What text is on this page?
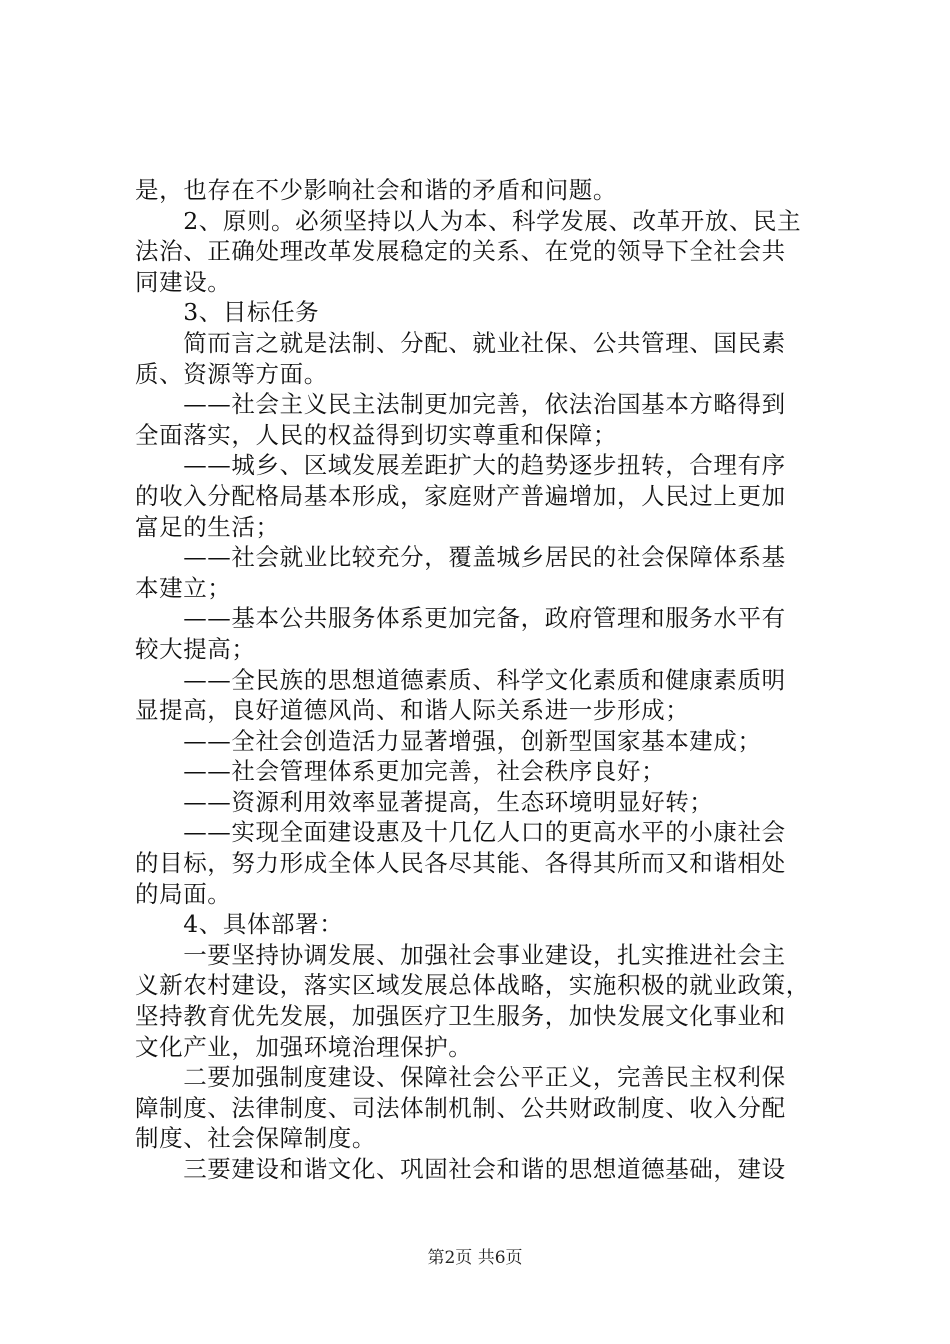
是，也存在不少影响社会和谐的矛盾和问题。
　　2、原则。必须坚持以人为本、科学发展、改革开放、民主
法治、正确处理改革发展稳定的关系、在党的领导下全社会共
同建设。
　　3、目标任务
　　简而言之就是法制、分配、就业社保、公共管理、国民素
质、资源等方面。
　　——社会主义民主法制更加完善，依法治国基本方略得到
全面落实，人民的权益得到切实尊重和保障；
　　——城乡、区域发展差距扩大的趋势逐步扭转，合理有序
的收入分配格局基本形成，家庭财产普遍增加，人民过上更加
富足的生活；
　　——社会就业比较充分，覆盖城乡居民的社会保障体系基
本建立；
　　——基本公共服务体系更加完备，政府管理和服务水平有
较大提高；
　　——全民族的思想道德素质、科学文化素质和健康素质明
显提高，良好道德风尚、和谐人际关系进一步形成；
　　——全社会创造活力显著增强，创新型国家基本建成；
　　——社会管理体系更加完善，社会秩序良好；
　　——资源利用效率显著提高，生态环境明显好转；
　　——实现全面建设惠及十几亿人口的更高水平的小康社会
的目标，努力形成全体人民各尽其能、各得其所而又和谐相处
的局面。
　　4、具体部署：
　　一要坚持协调发展、加强社会事业建设，扎实推进社会主
义新农村建设，落实区域发展总体战略，实施积极的就业政策，
坚持教育优先发展，加强医疗卫生服务，加快发展文化事业和
文化产业，加强环境治理保护。
　　二要加强制度建设、保障社会公平正义，完善民主权利保
障制度、法律制度、司法体制机制、公共财政制度、收入分配
制度、社会保障制度。
　　三要建设和谐文化、巩固社会和谐的思想道德基础，建设
第2页 共6页
